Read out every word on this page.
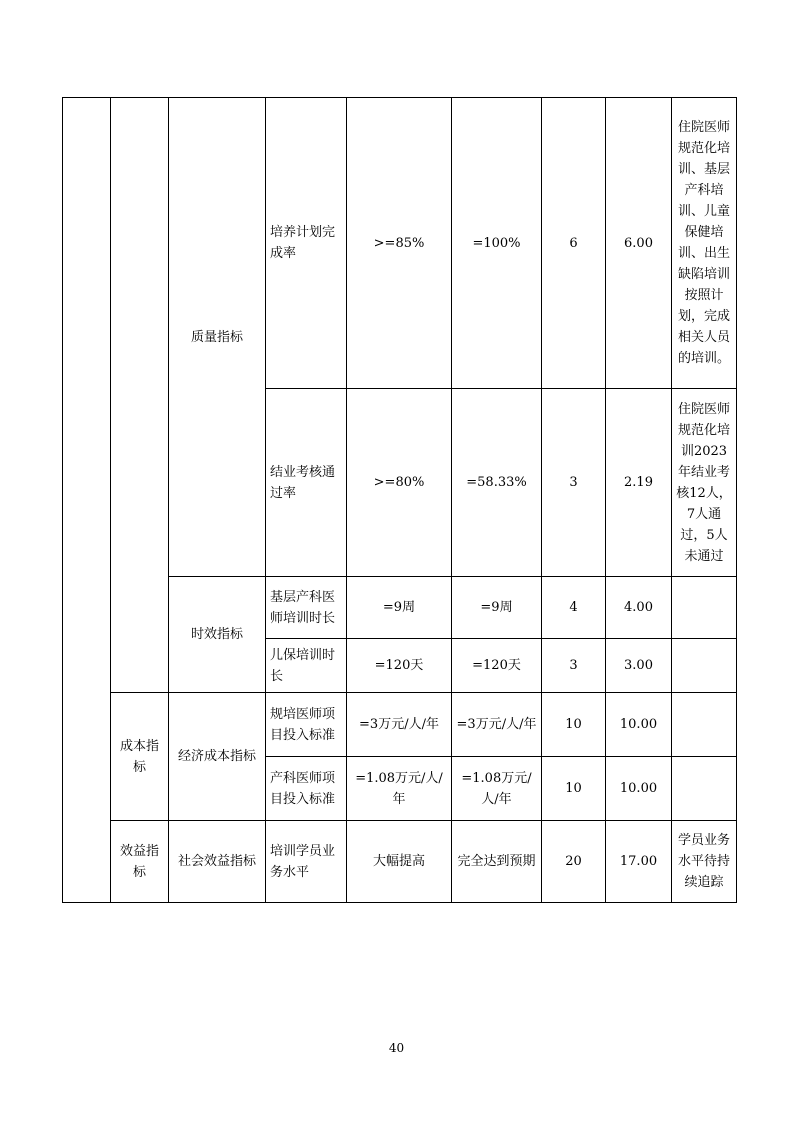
		质量指标	培养计划完成率	>=85%	=100%	6	6.00	住院医师规范化培训、基层产科培训、儿童保健培训、出生缺陷培训按照计划，完成相关人员的培训。
			结业考核通过率	>=80%	=58.33%	3	2.19	住院医师规范化培训2023年结业考核12人，7人通过，5人未通过
		时效指标	基层产科医师培训时长	=9周	=9周	4	4.00	
			儿保培训时长	=120天	=120天	3	3.00	
	成本指标	经济成本指标	规培医师项目投入标准	=3万元/人/年	=3万元/人/年	10	10.00	
			产科医师项目投入标准	=1.08万元/人/年	=1.08万元/人/年	10	10.00	
	效益指标	社会效益指标	培训学员业务水平	大幅提高	完全达到预期	20	17.00	学员业务水平待持续追踪
40
